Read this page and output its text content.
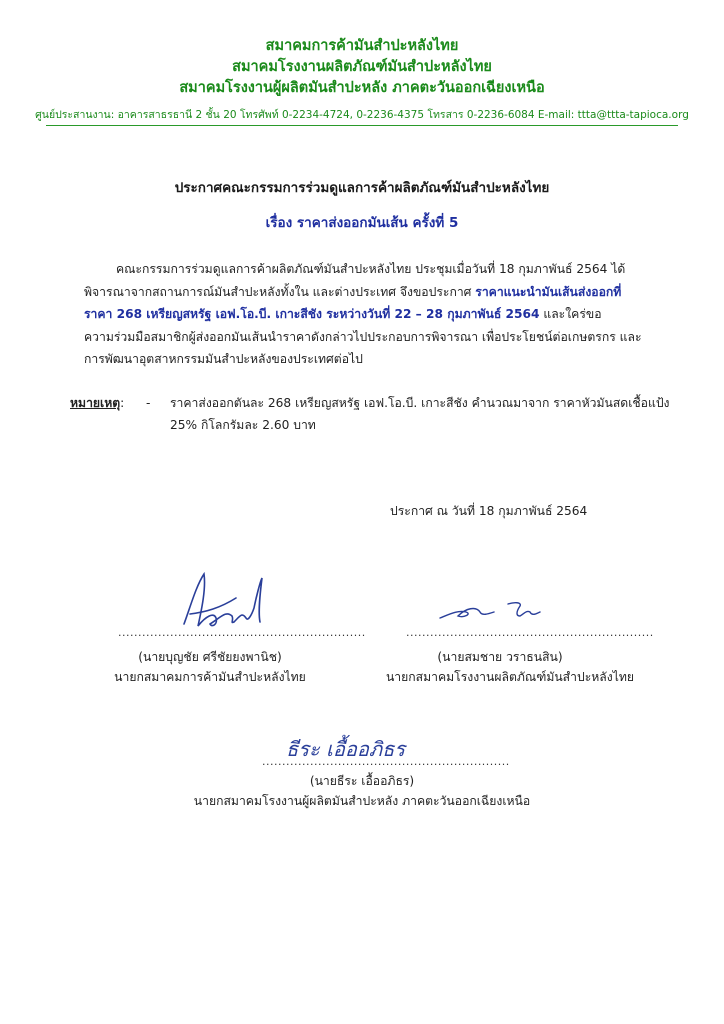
สมาคมการค้ามันสำปะหลังไทย
สมาคมโรงงานผลิตภัณฑ์มันสำปะหลังไทย
สมาคมโรงงานผู้ผลิตมันสำปะหลัง ภาคตะวันออกเฉียงเหนือ
ศูนย์ประสานงาน: อาคารสาธรธานี 2 ชั้น 20 โทรศัพท์ 0-2234-4724, 0-2236-4375 โทรสาร 0-2236-6084 E-mail: ttta@ttta-tapioca.org
ประกาศคณะกรรมการร่วมดูแลการค้าผลิตภัณฑ์มันสำปะหลังไทย
เรื่อง ราคาส่งออกมันเส้น ครั้งที่ 5
คณะกรรมการร่วมดูแลการค้าผลิตภัณฑ์มันสำปะหลังไทย ประชุมเมื่อวันที่ 18 กุมภาพันธ์ 2564 ได้
พิจารณาจากสถานการณ์มันสำปะหลังทั้งใน และต่างประเทศ จึงขอประกาศ ราคาแนะนำมันเส้นส่งออกที่
ราคา 268 เหรียญสหรัฐ เอฟ.โอ.บี. เกาะสีชัง ระหว่างวันที่ 22 – 28 กุมภาพันธ์ 2564 และใคร่ขอ
ความร่วมมือสมาชิกผู้ส่งออกมันเส้นนำราคาดังกล่าวไปประกอบการพิจารณา เพื่อประโยชน์ต่อเกษตรกร และ
การพัฒนาอุตสาหกรรมมันสำปะหลังของประเทศต่อไป
หมายเหตุ: - ราคาส่งออกตันละ 268 เหรียญสหรัฐ เอฟ.โอ.บี. เกาะสีชัง คำนวณมาจาก ราคาหัวมันสดเชื้อแป้ง
25% กิโลกรัมละ 2.60 บาท
ประกาศ ณ วันที่ 18 กุมภาพันธ์ 2564
..............................................................
(นายบุญชัย ศรีชัยยงพานิช)
นายกสมาคมการค้ามันสำปะหลังไทย
..............................................................
(นายสมชาย วราธนสิน)
นายกสมาคมโรงงานผลิตภัณฑ์มันสำปะหลังไทย
ธีระ เอื้ออภิธร
..............................................................
(นายธีระ เอื้ออภิธร)
นายกสมาคมโรงงานผู้ผลิตมันสำปะหลัง ภาคตะวันออกเฉียงเหนือ
